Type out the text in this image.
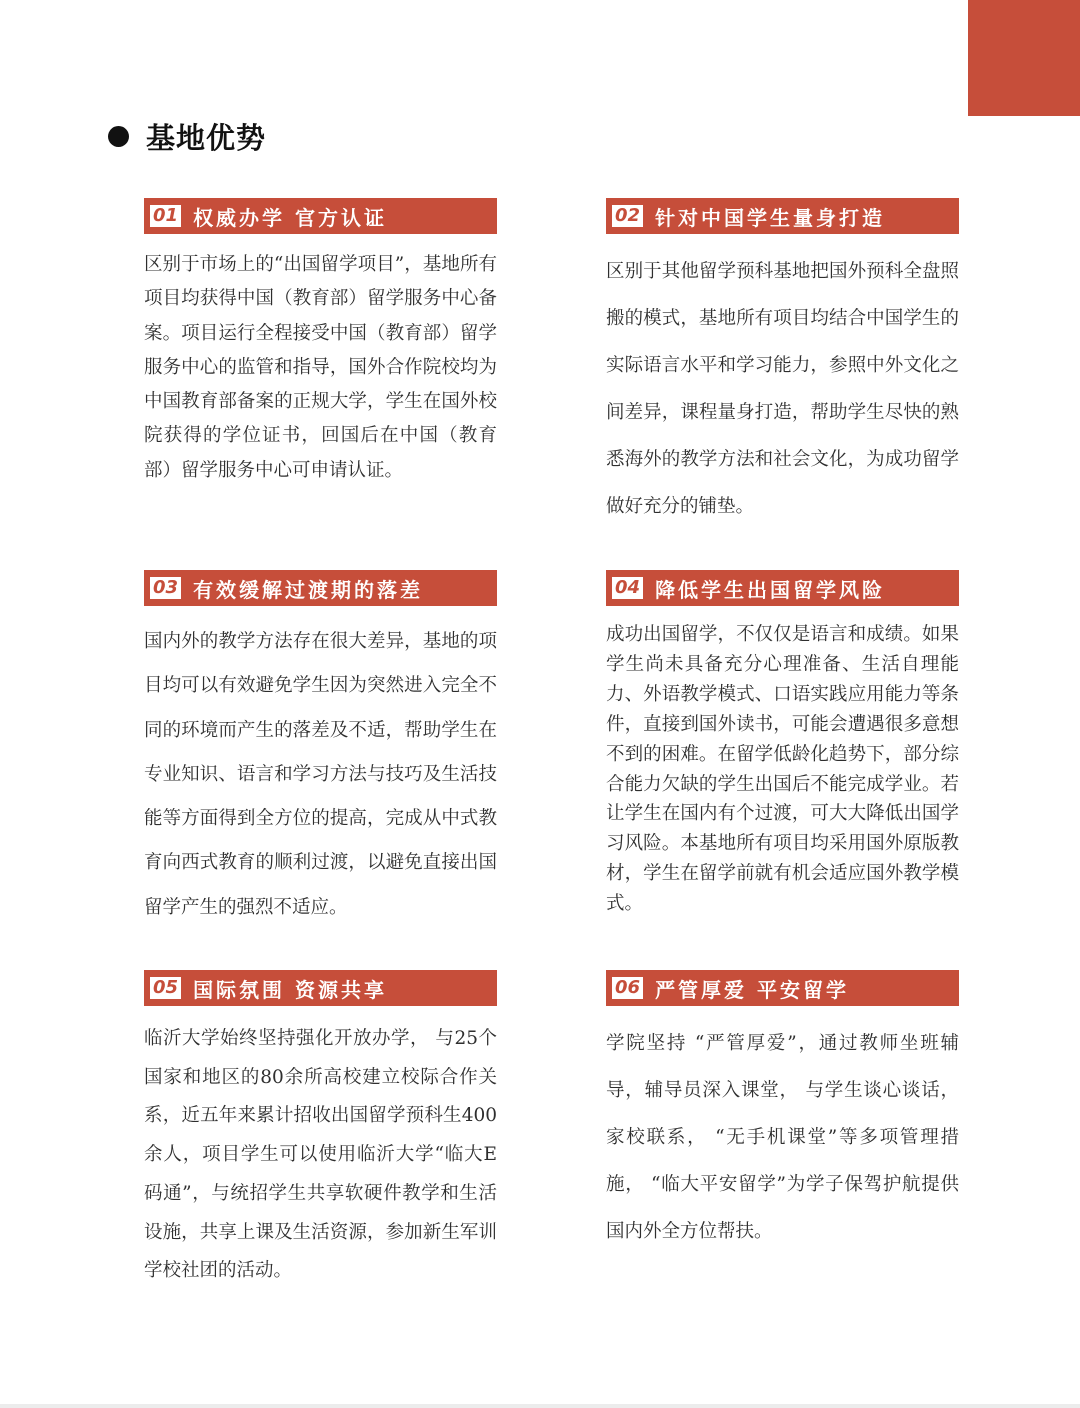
基地优势
01 权威办学 官方认证

区别于市场上的“出国留学项目”，基地所有项目均获得中国（教育部）留学服务中心备案。项目运行全程接受中国（教育部）留学服务中心的监管和指导，国外合作院校均为中国教育部备案的正规大学，学生在国外校院获得的学位证书，回国后在中国（教育部）留学服务中心可申请认证。

02 针对中国学生量身打造

区别于其他留学预科基地把国外预科全盘照搬的模式，基地所有项目均结合中国学生的实际语言水平和学习能力，参照中外文化之间差异，课程量身打造，帮助学生尽快的熟悉海外的教学方法和社会文化，为成功留学做好充分的铺垫。

03 有效缓解过渡期的落差

国内外的教学方法存在很大差异，基地的项目均可以有效避免学生因为突然进入完全不同的环境而产生的落差及不适，帮助学生在专业知识、语言和学习方法与技巧及生活技能等方面得到全方位的提高，完成从中式教育向西式教育的顺利过渡，以避免直接出国留学产生的强烈不适应。

04 降低学生出国留学风险

成功出国留学，不仅仅是语言和成绩。如果学生尚未具备充分心理准备、生活自理能力、外语教学模式、口语实践应用能力等条件，直接到国外读书，可能会遭遇很多意想不到的困难。在留学低龄化趋势下，部分综合能力欠缺的学生出国后不能完成学业。若让学生在国内有个过渡，可大大降低出国学习风险。本基地所有项目均采用国外原版教材，学生在留学前就有机会适应国外教学模式。

05 国际氛围 资源共享

临沂大学始终坚持强化开放办学， 与25个国家和地区的80余所高校建立校际合作关系，近五年来累计招收出国留学预科生400余人，项目学生可以使用临沂大学“临大E码通”，与统招学生共享软硬件教学和生活设施，共享上课及生活资源，参加新生军训学校社团的活动。

06 严管厚爱 平安留学

学院坚持 “严管厚爱”，通过教师坐班辅导，辅导员深入课堂， 与学生谈心谈话，家校联系， “无手机课堂”等多项管理措施， “临大平安留学”为学子保驾护航提供国内外全方位帮扶。
